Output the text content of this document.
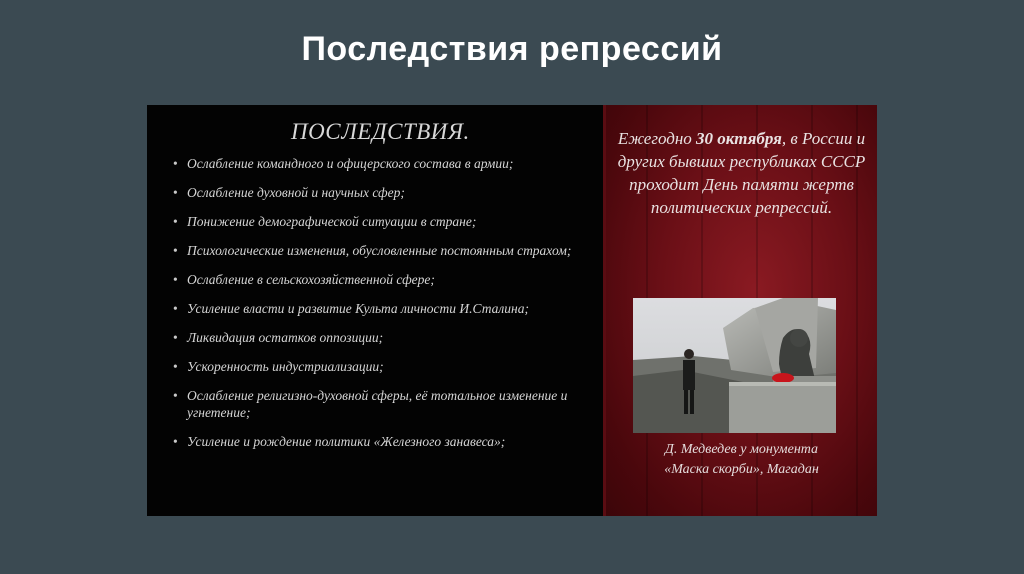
Последствия репрессий
ПОСЛЕДСТВИЯ.
• Ослабление командного и офицерского состава в армии;
• Ослабление духовной и научных сфер;
• Понижение демографической ситуации в стране;
• Психологические изменения, обусловленные постоянным страхом;
• Ослабление в сельскохозяйственной сфере;
• Усиление власти и развитие Культа личности И.Сталина;
• Ликвидация остатков оппозиции;
• Ускоренность индустриализации;
• Ослабление религизно-духовной сферы, её тотальное изменение и угнетение;
• Усиление и рождение политики «Железного занавеса»;
Ежегодно 30 октября, в России и других бывших республиках СССР проходит День памяти жертв политических репрессий.
Д. Медведев у монумента
«Маска скорби», Магадан
